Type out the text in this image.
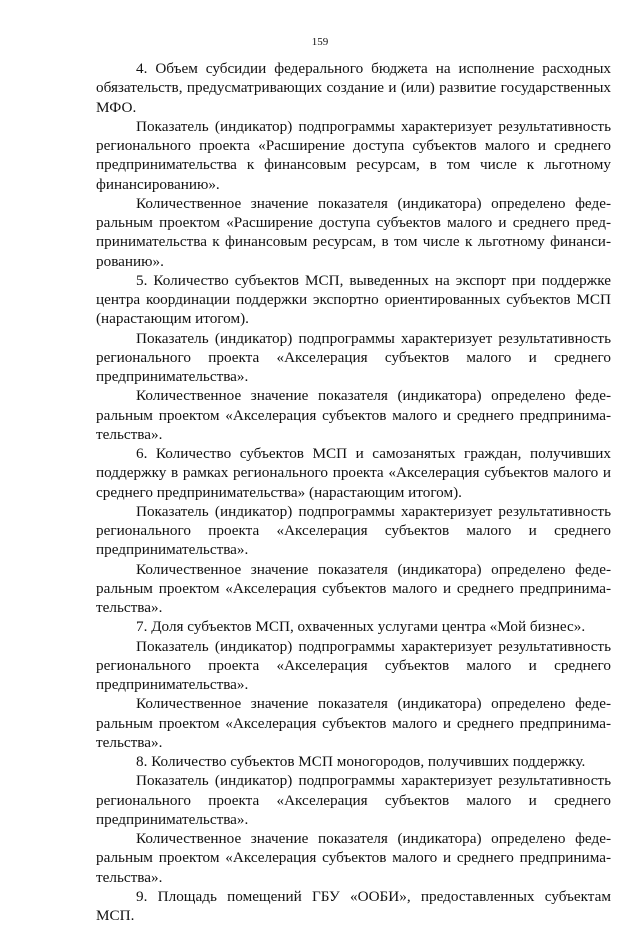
159

4. Объем субсидии федерального бюджета на исполнение расходных обязательств, предусматривающих создание и (или) развитие государственных МФО.

Показатель (индикатор) подпрограммы характеризует результативность регионального проекта «Расширение доступа субъектов малого и среднего предпринимательства к финансовым ресурсам, в том числе к льготному финансированию».

Количественное значение показателя (индикатора) определено федеральным проектом «Расширение доступа субъектов малого и среднего предпринимательства к финансовым ресурсам, в том числе к льготному финансированию».

5. Количество субъектов МСП, выведенных на экспорт при поддержке центра координации поддержки экспортно ориентированных субъектов МСП (нарастающим итогом).

Показатель (индикатор) подпрограммы характеризует результативность регионального проекта «Акселерация субъектов малого и среднего предпринимательства».

Количественное значение показателя (индикатора) определено федеральным проектом «Акселерация субъектов малого и среднего предпринимательства».

6. Количество субъектов МСП и самозанятых граждан, получивших поддержку в рамках регионального проекта «Акселерация субъектов малого и среднего предпринимательства» (нарастающим итогом).

Показатель (индикатор) подпрограммы характеризует результативность регионального проекта «Акселерация субъектов малого и среднего предпринимательства».

Количественное значение показателя (индикатора) определено федеральным проектом «Акселерация субъектов малого и среднего предпринимательства».

7. Доля субъектов МСП, охваченных услугами центра «Мой бизнес».

Показатель (индикатор) подпрограммы характеризует результативность регионального проекта «Акселерация субъектов малого и среднего предпринимательства».

Количественное значение показателя (индикатора) определено федеральным проектом «Акселерация субъектов малого и среднего предпринимательства».

8. Количество субъектов МСП моногородов, получивших поддержку.

Показатель (индикатор) подпрограммы характеризует результативность регионального проекта «Акселерация субъектов малого и среднего предпринимательства».

Количественное значение показателя (индикатора) определено федеральным проектом «Акселерация субъектов малого и среднего предпринимательства».

9. Площадь помещений ГБУ «ООБИ», предоставленных субъектам МСП.
